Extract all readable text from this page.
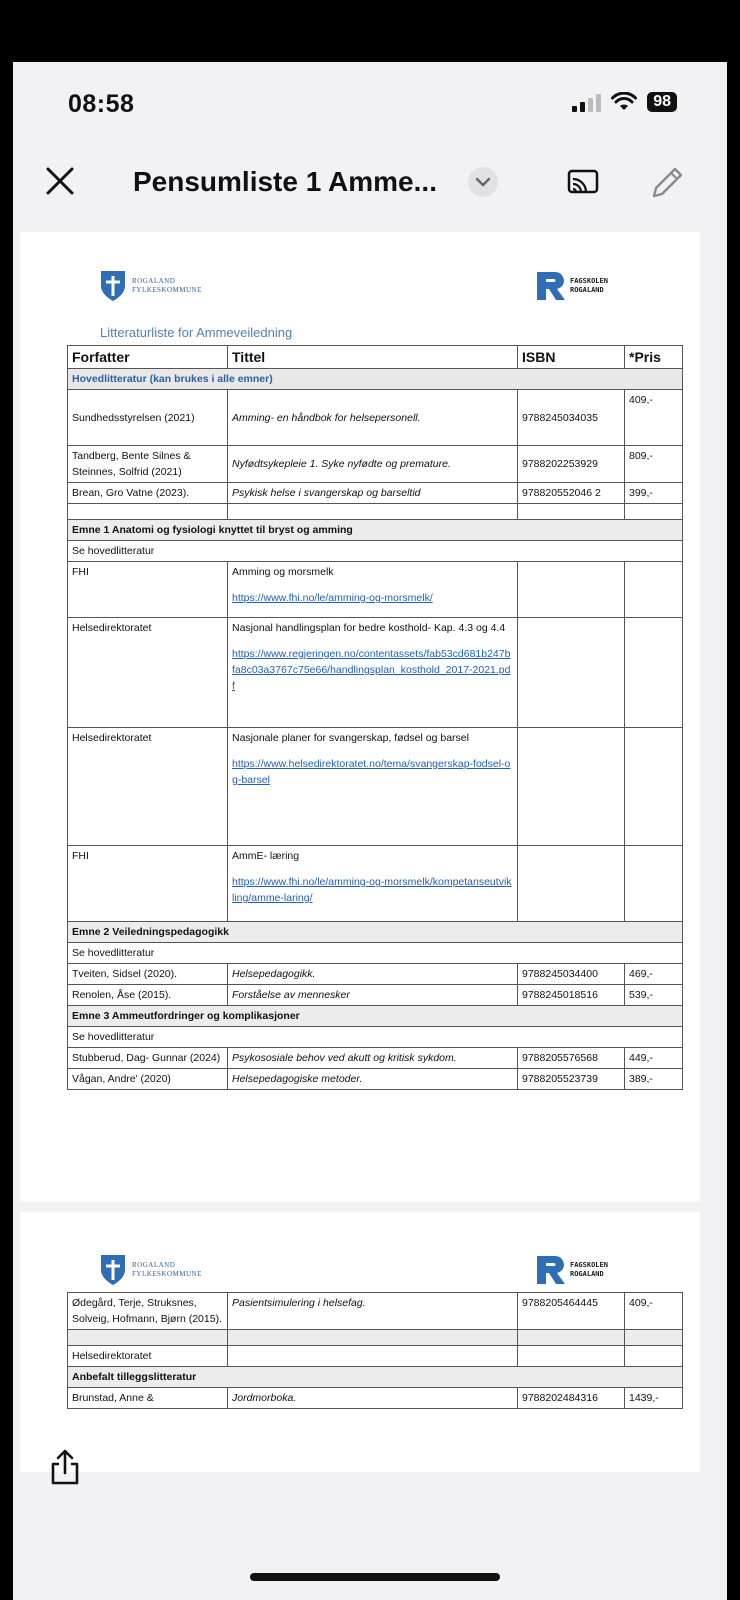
08:58	98
Pensumliste 1 Amme...
ROGALAND
FYLKESKOMMUNE
FAGSKOLEN
ROGALAND
Litteraturliste for Ammeveiledning
Forfatter	Tittel	ISBN	*Pris
Hovedlitteratur (kan brukes i alle emner)			
Sundhedsstyrelsen (2021)	Amming- en håndbok for helsepersonell.	9788245034035	409,-
Tandberg, Bente Silnes & Steinnes, Solfrid (2021)	Nyfødtsykepleie 1. Syke nyfødte og premature.	9788202253929	809,-
Brean, Gro Vatne (2023).	Psykisk helse i svangerskap og barseltid	978820552046 2	399,-

Emne 1 Anatomi og fysiologi knyttet til bryst og amming			
Se hovedlitteratur			
FHI	Amming og morsmelk
https://www.fhi.no/le/amming-og-morsmelk/		

Helsedirektoratet	Nasjonal handlingsplan for bedre kosthold- Kap. 4.3 og 4.4
https://www.regjeringen.no/contentassets/fab53cd681b247bfa8c03a3767c75e66/handlingsplan_kosthold_2017-2021.pdf		

Helsedirektoratet	Nasjonale planer for svangerskap, fødsel og barsel
https://www.helsedirektoratet.no/tema/svangerskap-fodsel-og-barsel		

FHI	AmmE- læring
https://www.fhi.no/le/amming-og-morsmelk/kompetanseutvikling/amme-laring/		

Emne 2 Veiledningspedagogikk			
Se hovedlitteratur			
Tveiten, Sidsel (2020).	Helsepedagogikk.	9788245034400	469,-
Renolen, Åse (2015).	Forståelse av mennesker	9788245018516	539,-
Emne 3 Ammeutfordringer og komplikasjoner			
Se hovedlitteratur			
Stubberud, Dag- Gunnar (2024)	Psykososiale behov ved akutt og kritisk sykdom.	9788205576568	449,-
Vågan, Andre' (2020)	Helsepedagogiske metoder.	9788205523739	389,-
ROGALAND
FYLKESKOMMUNE
FAGSKOLEN
ROGALAND
Ødegård, Terje, Struksnes, Solveig, Hofmann, Bjørn (2015).	Pasientsimulering i helsefag.	9788205464445	409,-

Helsedirektoratet			
Anbefalt tilleggslitteratur			
Brunstad, Anne &	Jordmorboka.	9788202484316	1439,-
